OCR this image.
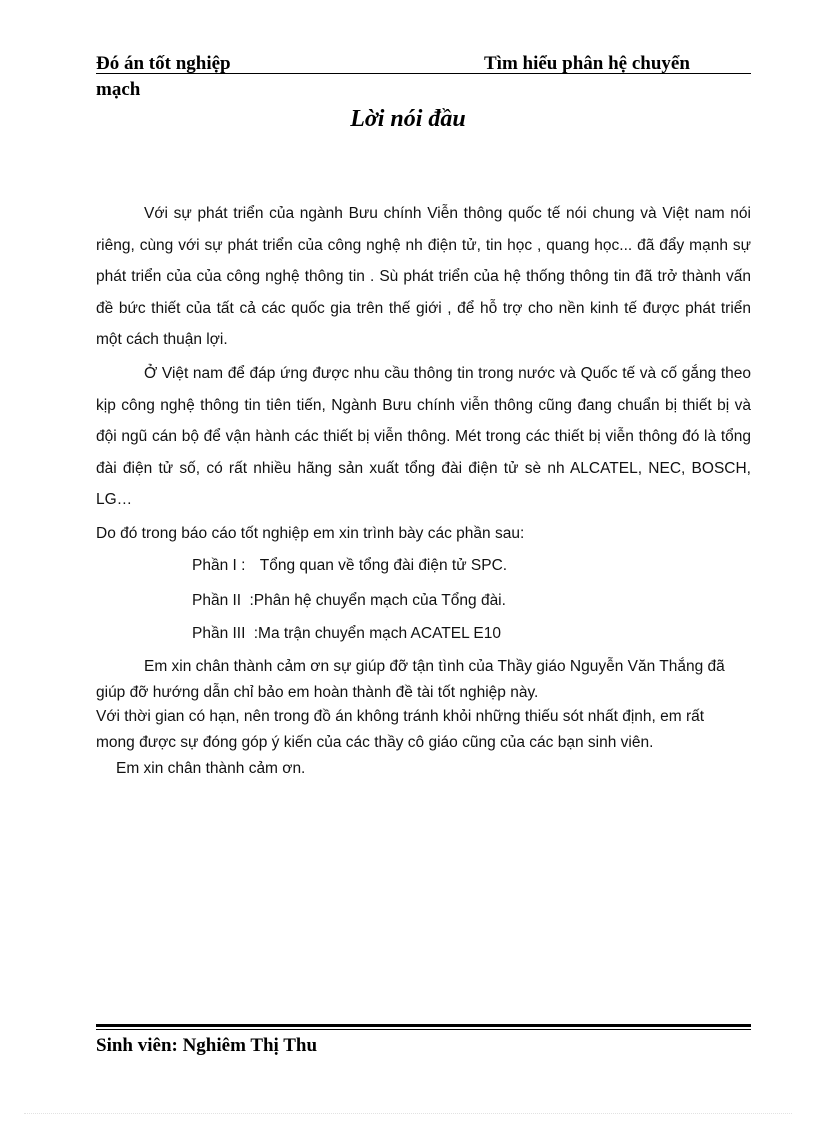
Đó án tốt nghiệp	Tìm hiểu phân hệ chuyển
mạch
Lời nói đầu

Với sự phát triển của ngành Bưu chính Viễn thông quốc tế nói chung và Việt nam nói riêng, cùng với sự phát triển của công nghệ nh điện tử, tin học , quang học... đã đẩy mạnh sự phát triển của của công nghệ thông tin . Sù phát triển của hệ thống thông tin đã trở thành vấn đề bức thiết của tất cả các quốc gia trên thế giới , để hỗ trợ cho nền kinh tế được phát triển một cách thuận lợi.

Ở Việt nam để đáp ứng được nhu cầu thông tin trong nước và Quốc tế và cố gắng theo kịp công nghệ thông tin tiên tiến, Ngành Bưu chính viễn thông cũng đang chuẩn bị thiết bị và đội ngũ cán bộ để vận hành các thiết bị viễn thông. Mét trong các thiết bị viễn thông đó là tổng đài điện tử số, có rất nhiều hãng sản xuất tổng đài điện tử sè nh ALCATEL, NEC, BOSCH, LG…

Do đó trong báo cáo tốt nghiệp em xin trình bày các phần sau:
Phần I : Tổng quan về tổng đài điện tử SPC.
Phần II :Phân hệ chuyển mạch của Tổng đài.
Phần III :Ma trận chuyển mạch ACATEL E10
Em xin chân thành cảm ơn sự giúp đỡ tận tình của Thầy giáo Nguyễn Văn Thắng đã
giúp đỡ hướng dẫn chỉ bảo em hoàn thành đề tài tốt nghiệp này.
Với thời gian có hạn, nên trong đồ án không tránh khỏi những thiếu sót nhất định, em rất
mong được sự đóng góp ý kiến của các thầy cô giáo cũng của các bạn sinh viên.
Em xin chân thành cảm ơn.
Sinh viên: Nghiêm Thị Thu
